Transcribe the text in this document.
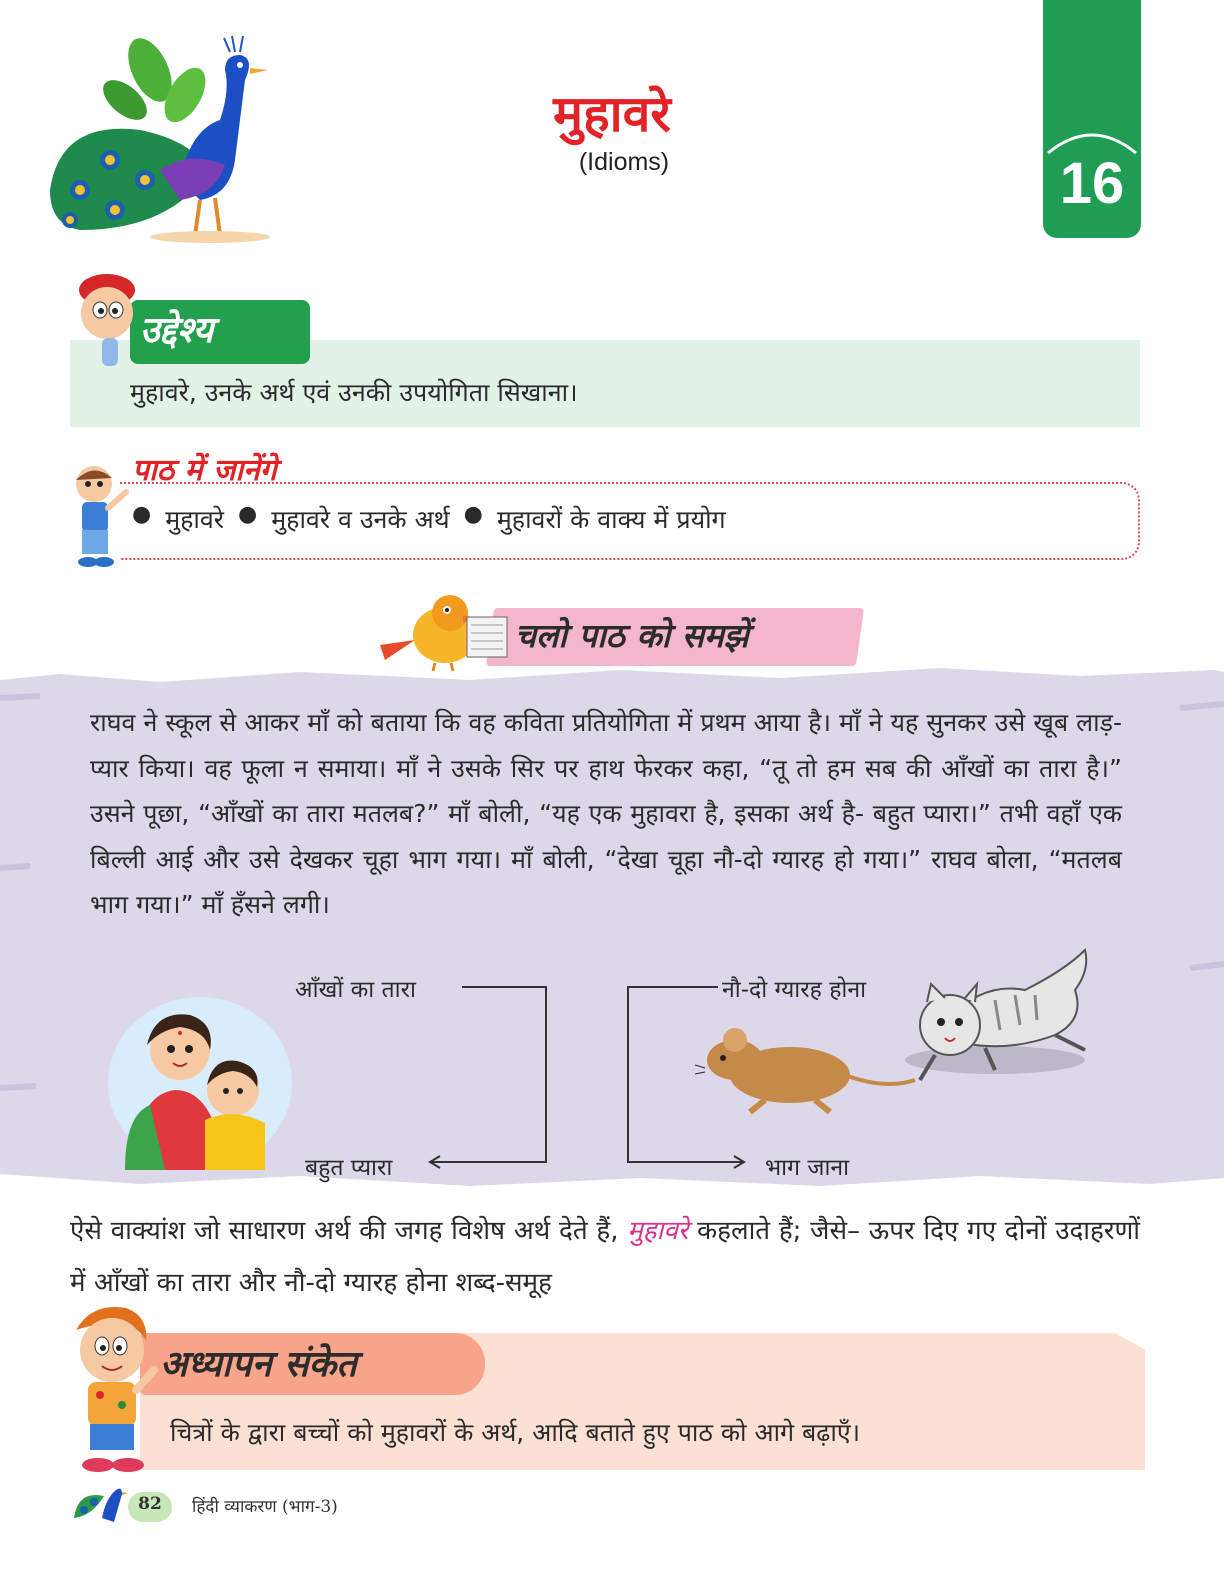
मुहावरे
(Idioms)	16
उद्देश्य
मुहावरे, उनके अर्थ एवं उनकी उपयोगिता सिखाना।
पाठ में जानेंगे
● मुहावरे ● मुहावरे व उनके अर्थ ● मुहावरों के वाक्य में प्रयोग
चलो पाठ को समझें
राघव ने स्कूल से आकर माँ को बताया कि वह कविता प्रतियोगिता में प्रथम आया है। माँ ने यह सुनकर उसे खूब लाड़-प्यार किया। वह फूला न समाया। माँ ने उसके सिर पर हाथ फेरकर कहा, “तू तो हम सब की आँखों का तारा है।” उसने पूछा, “आँखों का तारा मतलब?” माँ बोली, “यह एक मुहावरा है, इसका अर्थ है- बहुत प्यारा।” तभी वहाँ एक बिल्ली आई और उसे देखकर चूहा भाग गया। माँ बोली, “देखा चूहा नौ-दो ग्यारह हो गया।” राघव बोला, “मतलब भाग गया।” माँ हँसने लगी।
आँखों का तारा
बहुत प्यारा
नौ-दो ग्यारह होना
भाग जाना
ऐसे वाक्यांश जो साधारण अर्थ की जगह विशेष अर्थ देते हैं, मुहावरे कहलाते हैं; जैसे– ऊपर दिए गए दोनों उदाहरणों में आँखों का तारा और नौ-दो ग्यारह होना शब्द-समूह
अध्यापन संकेत
चित्रों के द्वारा बच्चों को मुहावरों के अर्थ, आदि बताते हुए पाठ को आगे बढ़ाएँ।
82	हिंदी व्याकरण (भाग-3)
